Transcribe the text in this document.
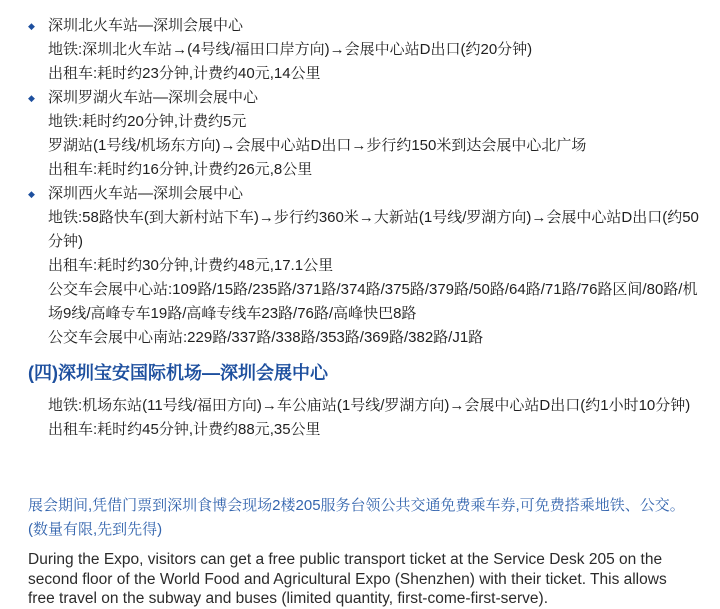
◆ 深圳北火车站—深圳会展中心

地铁:深圳北火车站→(4号线/福田口岸方向)→会展中心站D出口(约20分钟)

出租车:耗时约23分钟,计费约40元,14公里

◆ 深圳罗湖火车站—深圳会展中心

地铁:耗时约20分钟,计费约5元

罗湖站(1号线/机场东方向)→会展中心站D出口→步行约150米到达会展中心北广场

出租车:耗时约16分钟,计费约26元,8公里

◆ 深圳西火车站—深圳会展中心

地铁:58路快车(到大新村站下车)→步行约360米→大新站(1号线/罗湖方向)→会展中心站D出口(约50分钟)

出租车:耗时约30分钟,计费约48元,17.1公里

公交车会展中心站:109路/15路/235路/371路/374路/375路/379路/50路/64路/71路/76路区间/80路/机场9线/高峰专车19路/高峰专线车23路/76路/高峰快巴8路

公交车会展中心南站:229路/337路/338路/353路/369路/382路/J1路

(四)深圳宝安国际机场—深圳会展中心

地铁:机场东站(11号线/福田方向)→车公庙站(1号线/罗湖方向)→会展中心站D出口(约1小时10分钟)

出租车:耗时约45分钟,计费约88元,35公里

展会期间,凭借门票到深圳食博会现场2楼205服务台领公共交通免费乘车券,可免费搭乘地铁、公交。(数量有限,先到先得)

During the Expo, visitors can get a free public transport ticket at the Service Desk 205 on the second floor of the World Food and Agricultural Expo (Shenzhen) with their ticket. This allows free travel on the subway and buses (limited quantity, first-come-first-serve).
